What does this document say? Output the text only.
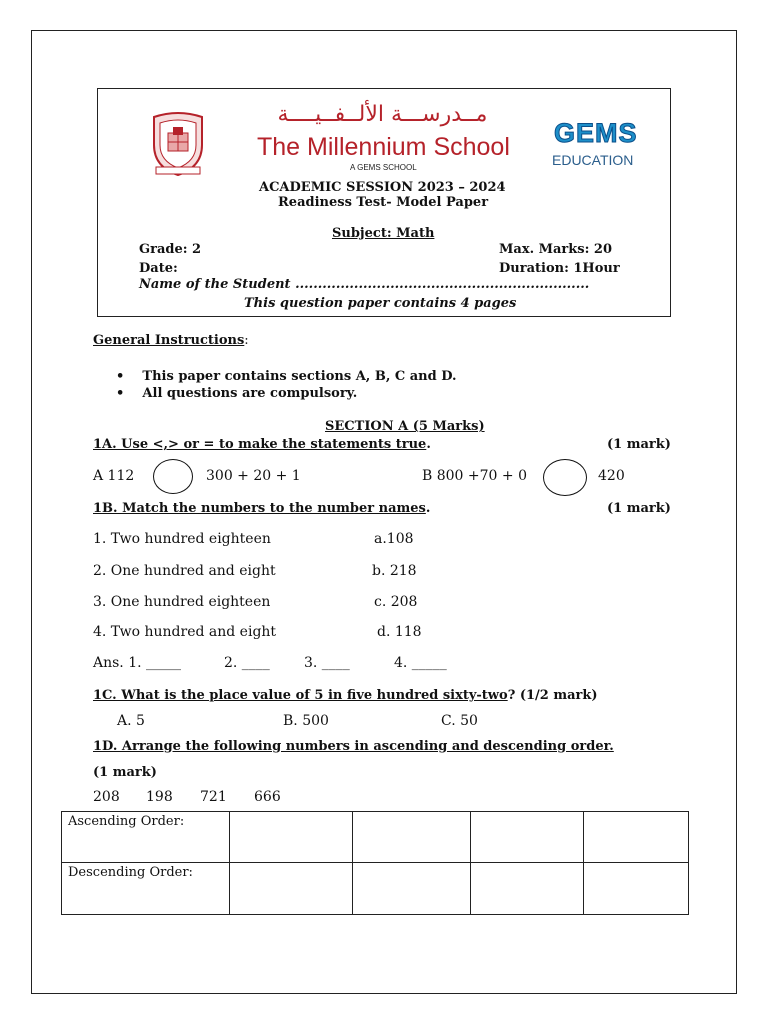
مــدرســـة الألــفــيــــة
The Millennium School
A GEMS SCHOOL
GEMS
EDUCATION
ACADEMIC SESSION 2023 – 2024
Readiness Test- Model Paper
Subject: Math
Grade: 2	Max. Marks: 20
Date:	Duration: 1Hour
Name of the Student .................................................................
This question paper contains 4 pages
General Instructions:
•    This paper contains sections A, B, C and D.
•    All questions are compulsory.
SECTION A (5 Marks)
1A. Use <,> or = to make the statements true.	(1 mark)
A 112	300 + 20 + 1	B 800 +70 + 0	420
1B. Match the numbers to the number names.	(1 mark)
1. Two hundred eighteen	a.108
2. One hundred and eight	b. 218
3. One hundred eighteen	c. 208
4. Two hundred and eight	d. 118
Ans. 1. _____	2. ____ 3. ____	4. _____
1C. What is the place value of 5 in five hundred sixty-two? (1/2 mark)
A. 5	B. 500	C. 50
1D. Arrange the following numbers in ascending and descending order.
(1 mark)
208 198 721 666
Ascending Order:				
Descending Order:				
